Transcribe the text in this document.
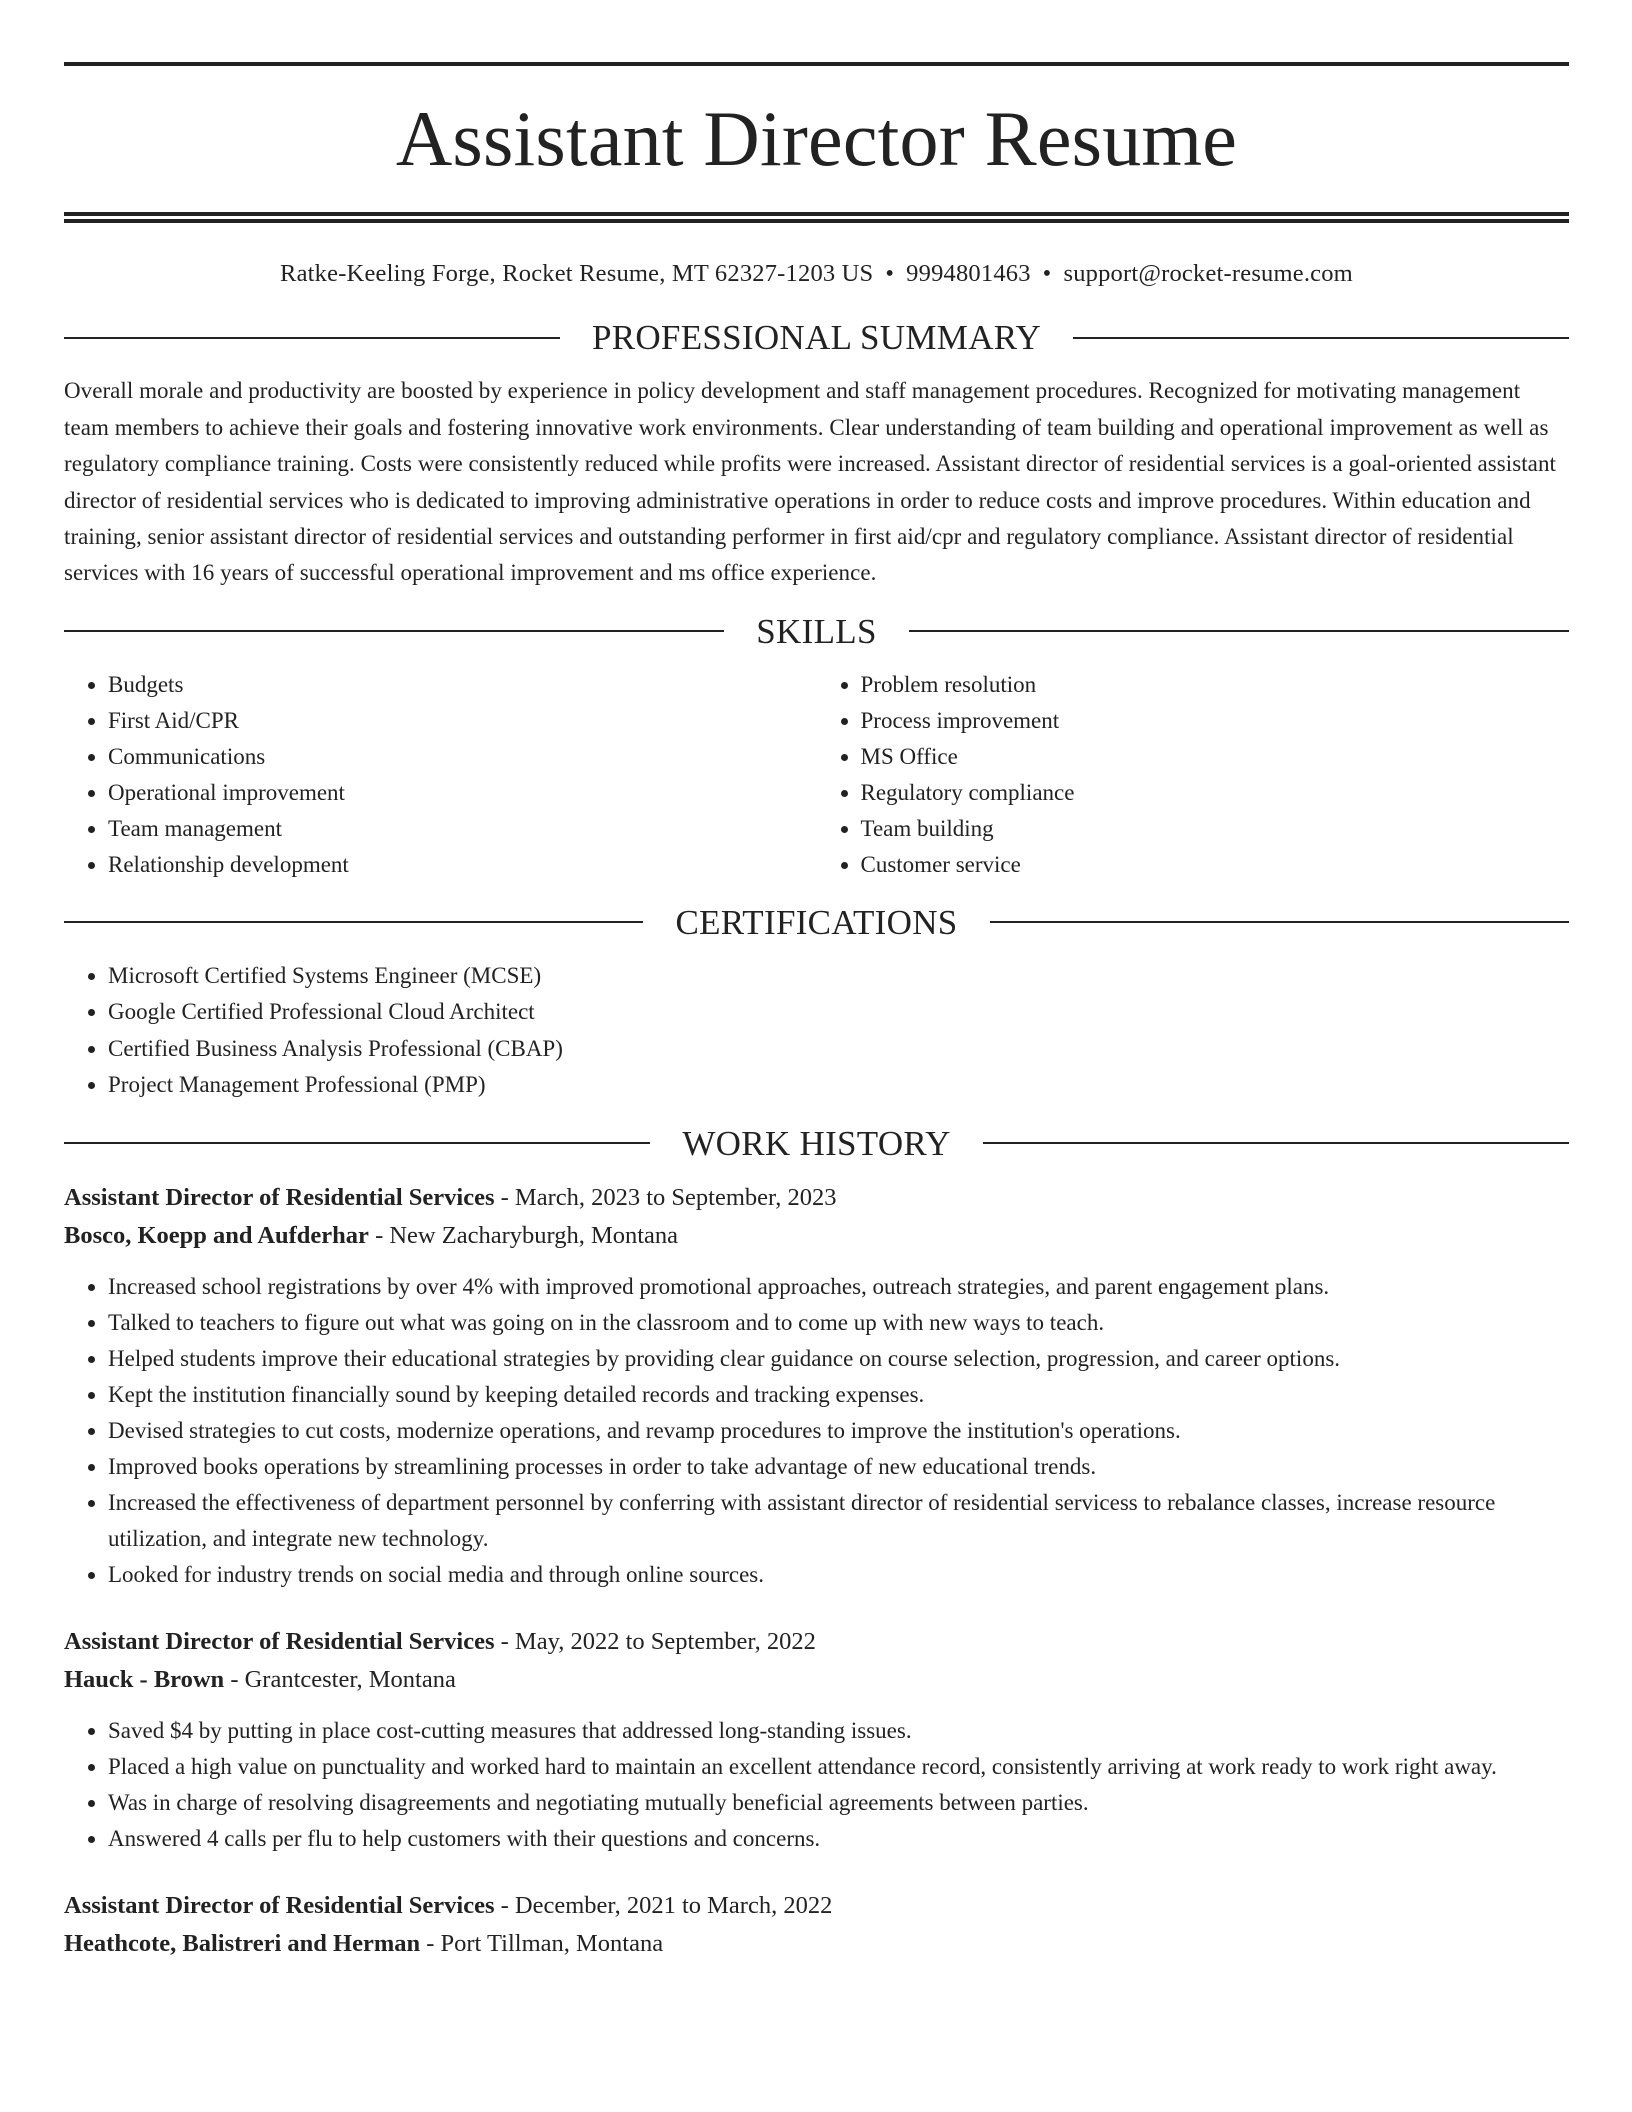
Assistant Director Resume
Ratke-Keeling Forge, Rocket Resume, MT 62327-1203 US • 9994801463 • support@rocket-resume.com
PROFESSIONAL SUMMARY
Overall morale and productivity are boosted by experience in policy development and staff management procedures. Recognized for motivating management team members to achieve their goals and fostering innovative work environments. Clear understanding of team building and operational improvement as well as regulatory compliance training. Costs were consistently reduced while profits were increased. Assistant director of residential services is a goal-oriented assistant director of residential services who is dedicated to improving administrative operations in order to reduce costs and improve procedures. Within education and training, senior assistant director of residential services and outstanding performer in first aid/cpr and regulatory compliance. Assistant director of residential services with 16 years of successful operational improvement and ms office experience.
SKILLS
• Budgets
• First Aid/CPR
• Communications
• Operational improvement
• Team management
• Relationship development
• Problem resolution
• Process improvement
• MS Office
• Regulatory compliance
• Team building
• Customer service
CERTIFICATIONS
• Microsoft Certified Systems Engineer (MCSE)
• Google Certified Professional Cloud Architect
• Certified Business Analysis Professional (CBAP)
• Project Management Professional (PMP)
WORK HISTORY
Assistant Director of Residential Services - March, 2023 to September, 2023
Bosco, Koepp and Aufderhar - New Zacharyburgh, Montana
• Increased school registrations by over 4% with improved promotional approaches, outreach strategies, and parent engagement plans.
• Talked to teachers to figure out what was going on in the classroom and to come up with new ways to teach.
• Helped students improve their educational strategies by providing clear guidance on course selection, progression, and career options.
• Kept the institution financially sound by keeping detailed records and tracking expenses.
• Devised strategies to cut costs, modernize operations, and revamp procedures to improve the institution's operations.
• Improved books operations by streamlining processes in order to take advantage of new educational trends.
• Increased the effectiveness of department personnel by conferring with assistant director of residential servicess to rebalance classes, increase resource utilization, and integrate new technology.
• Looked for industry trends on social media and through online sources.
Assistant Director of Residential Services - May, 2022 to September, 2022
Hauck - Brown - Grantcester, Montana
• Saved $4 by putting in place cost-cutting measures that addressed long-standing issues.
• Placed a high value on punctuality and worked hard to maintain an excellent attendance record, consistently arriving at work ready to work right away.
• Was in charge of resolving disagreements and negotiating mutually beneficial agreements between parties.
• Answered 4 calls per flu to help customers with their questions and concerns.
Assistant Director of Residential Services - December, 2021 to March, 2022
Heathcote, Balistreri and Herman - Port Tillman, Montana
